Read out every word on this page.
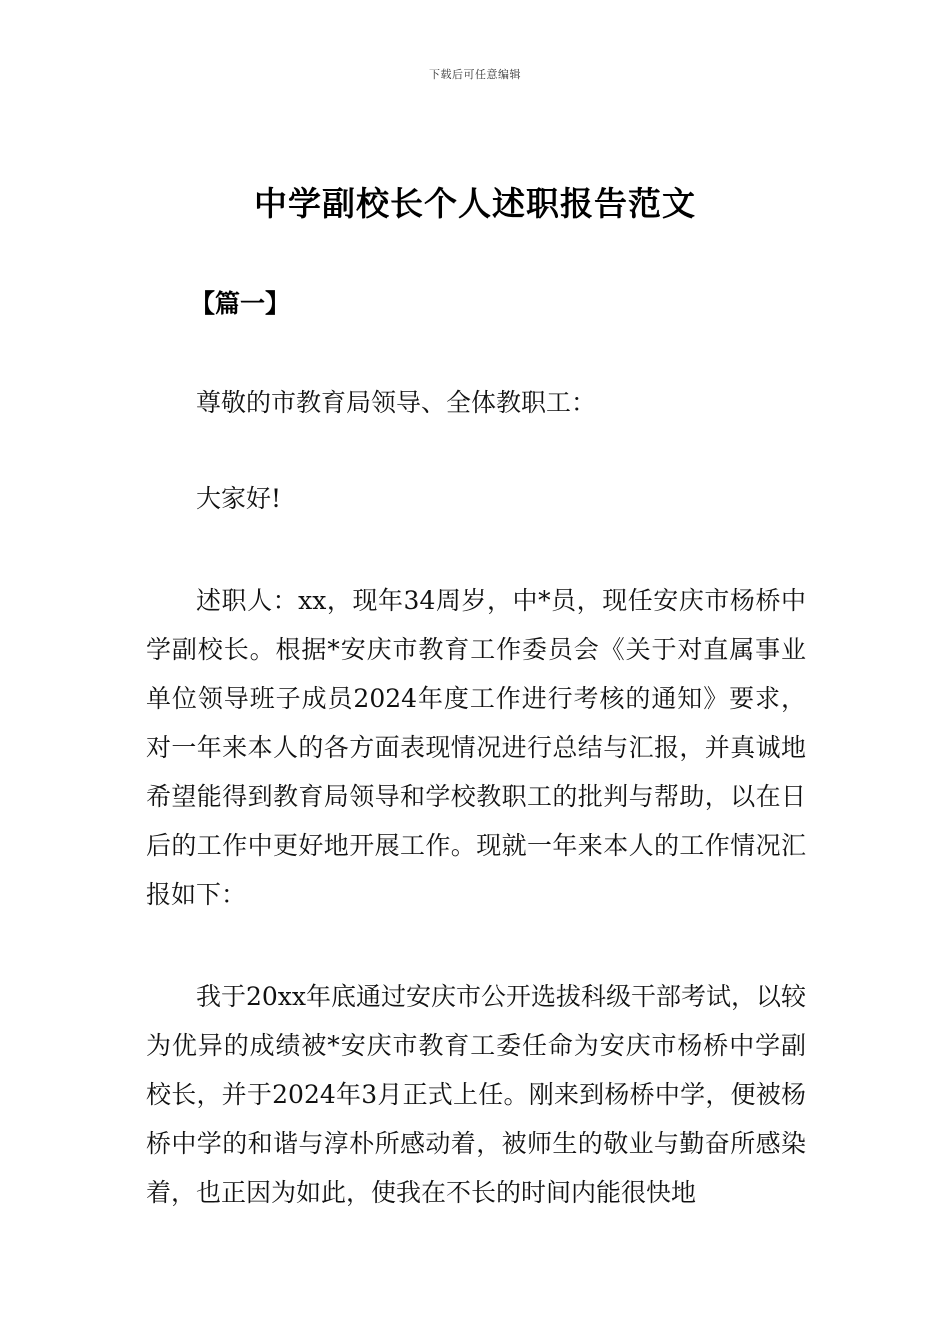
下载后可任意编辑
中学副校长个人述职报告范文
【篇一】

尊敬的市教育局领导、全体教职工：

大家好!

述职人：xx，现年34周岁，中*员，现任安庆市杨桥中学副校长。根据*安庆市教育工作委员会《关于对直属事业单位领导班子成员2024年度工作进行考核的通知》要求，对一年来本人的各方面表现情况进行总结与汇报，并真诚地希望能得到教育局领导和学校教职工的批判与帮助，以在日后的工作中更好地开展工作。现就一年来本人的工作情况汇报如下：

我于20xx年底通过安庆市公开选拔科级干部考试，以较为优异的成绩被*安庆市教育工委任命为安庆市杨桥中学副校长，并于2024年3月正式上任。刚来到杨桥中学，便被杨桥中学的和谐与淳朴所感动着，被师生的敬业与勤奋所感染着，也正因为如此，使我在不长的时间内能很快地
